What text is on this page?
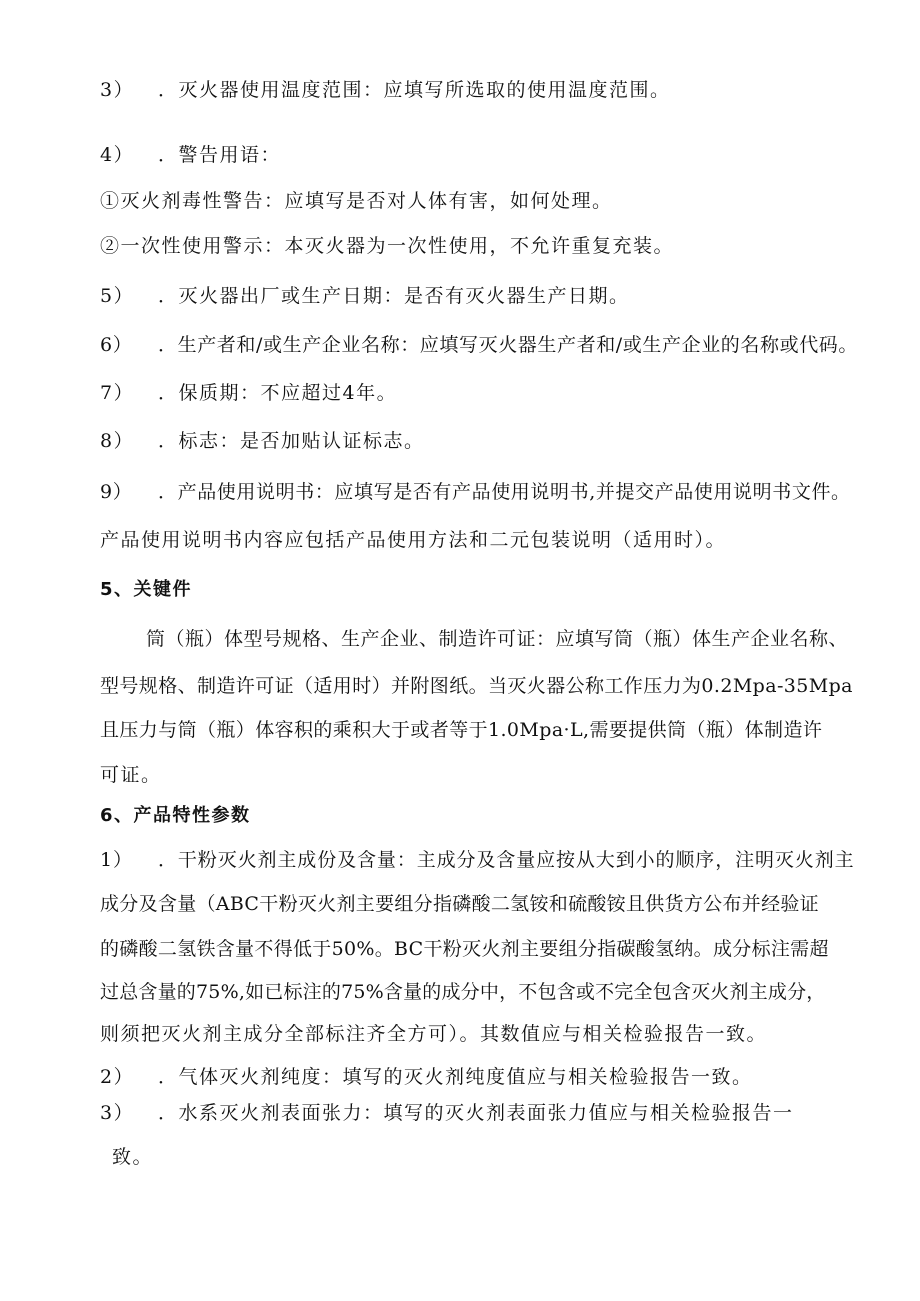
3） ．灭火器使用温度范围：应填写所选取的使用温度范围。
4） ．警告用语：
①灭火剂毒性警告：应填写是否对人体有害，如何处理。
②一次性使用警示：本灭火器为一次性使用，不允许重复充装。
5） ．灭火器出厂或生产日期：是否有灭火器生产日期。
6） ．生产者和/或生产企业名称：应填写灭火器生产者和/或生产企业的名称或代码。
7） ．保质期：不应超过4年。
8） ．标志：是否加贴认证标志。
9） ．产品使用说明书：应填写是否有产品使用说明书,并提交产品使用说明书文件。
产品使用说明书内容应包括产品使用方法和二元包装说明（适用时）。
5、关键件
筒（瓶）体型号规格、生产企业、制造许可证：应填写筒（瓶）体生产企业名称、
型号规格、制造许可证（适用时）并附图纸。当灭火器公称工作压力为0.2Mpa-35Mpa
且压力与筒（瓶）体容积的乘积大于或者等于1.0Mpa·L,需要提供筒（瓶）体制造许
可证。
6、产品特性参数
1） ．干粉灭火剂主成份及含量：主成分及含量应按从大到小的顺序，注明灭火剂主
成分及含量（ABC干粉灭火剂主要组分指磷酸二氢铵和硫酸铵且供货方公布并经验证
的磷酸二氢铁含量不得低于50%。BC干粉灭火剂主要组分指碳酸氢纳。成分标注需超
过总含量的75%,如已标注的75%含量的成分中，不包含或不完全包含灭火剂主成分，
则须把灭火剂主成分全部标注齐全方可）。其数值应与相关检验报告一致。
2） ．气体灭火剂纯度：填写的灭火剂纯度值应与相关检验报告一致。
3） ．水系灭火剂表面张力：填写的灭火剂表面张力值应与相关检验报告一
致。
